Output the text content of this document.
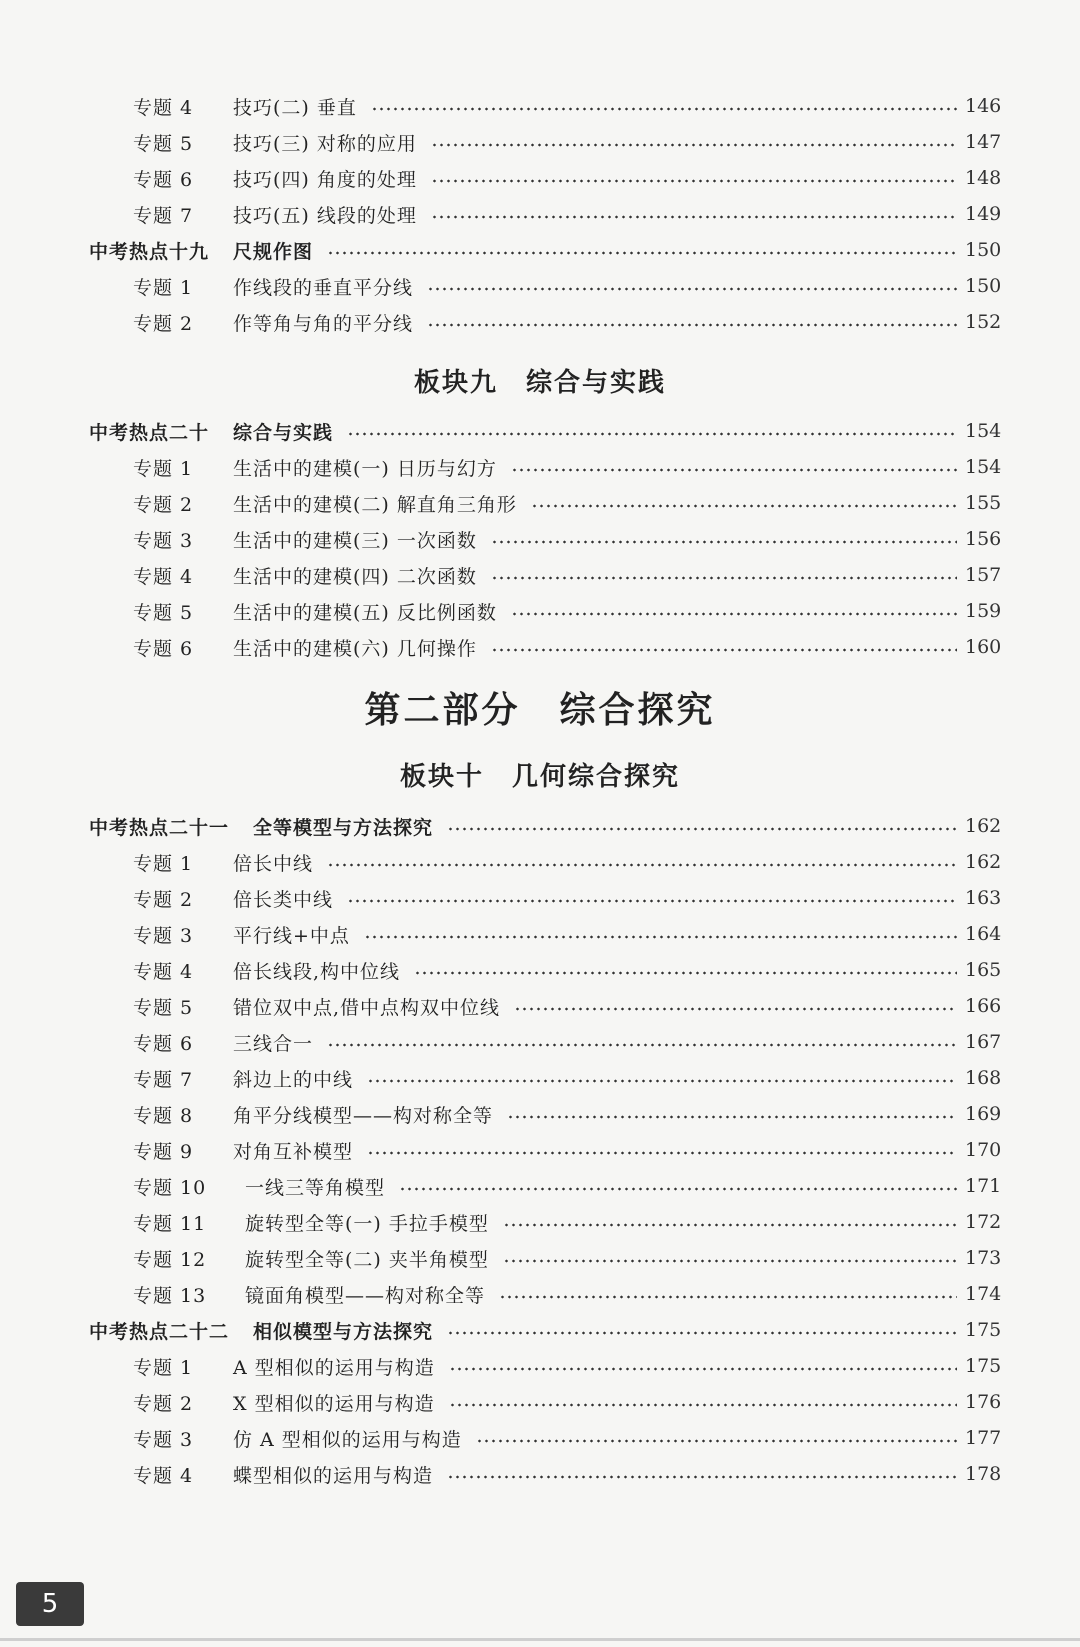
专题 4 技巧(二) 垂直	146
专题 5 技巧(三) 对称的应用	147
专题 6 技巧(四) 角度的处理	148
专题 7 技巧(五) 线段的处理	149
中考热点十九 尺规作图	150
专题 1 作线段的垂直平分线	150
专题 2 作等角与角的平分线	152
板块九　综合与实践
中考热点二十 综合与实践	154
专题 1 生活中的建模(一) 日历与幻方	154
专题 2 生活中的建模(二) 解直角三角形	155
专题 3 生活中的建模(三) 一次函数	156
专题 4 生活中的建模(四) 二次函数	157
专题 5 生活中的建模(五) 反比例函数	159
专题 6 生活中的建模(六) 几何操作	160
第二部分　综合探究
板块十　几何综合探究
中考热点二十一 全等模型与方法探究	162
专题 1 倍长中线	162
专题 2 倍长类中线	163
专题 3 平行线+中点	164
专题 4 倍长线段,构中位线	165
专题 5 错位双中点,借中点构双中位线	166
专题 6 三线合一	167
专题 7 斜边上的中线	168
专题 8 角平分线模型——构对称全等	169
专题 9 对角互补模型	170
专题 10 一线三等角模型	171
专题 11 旋转型全等(一) 手拉手模型	172
专题 12 旋转型全等(二) 夹半角模型	173
专题 13 镜面角模型——构对称全等	174
中考热点二十二 相似模型与方法探究	175
专题 1 A 型相似的运用与构造	175
专题 2 X 型相似的运用与构造	176
专题 3 仿 A 型相似的运用与构造	177
专题 4 蝶型相似的运用与构造	178
5
